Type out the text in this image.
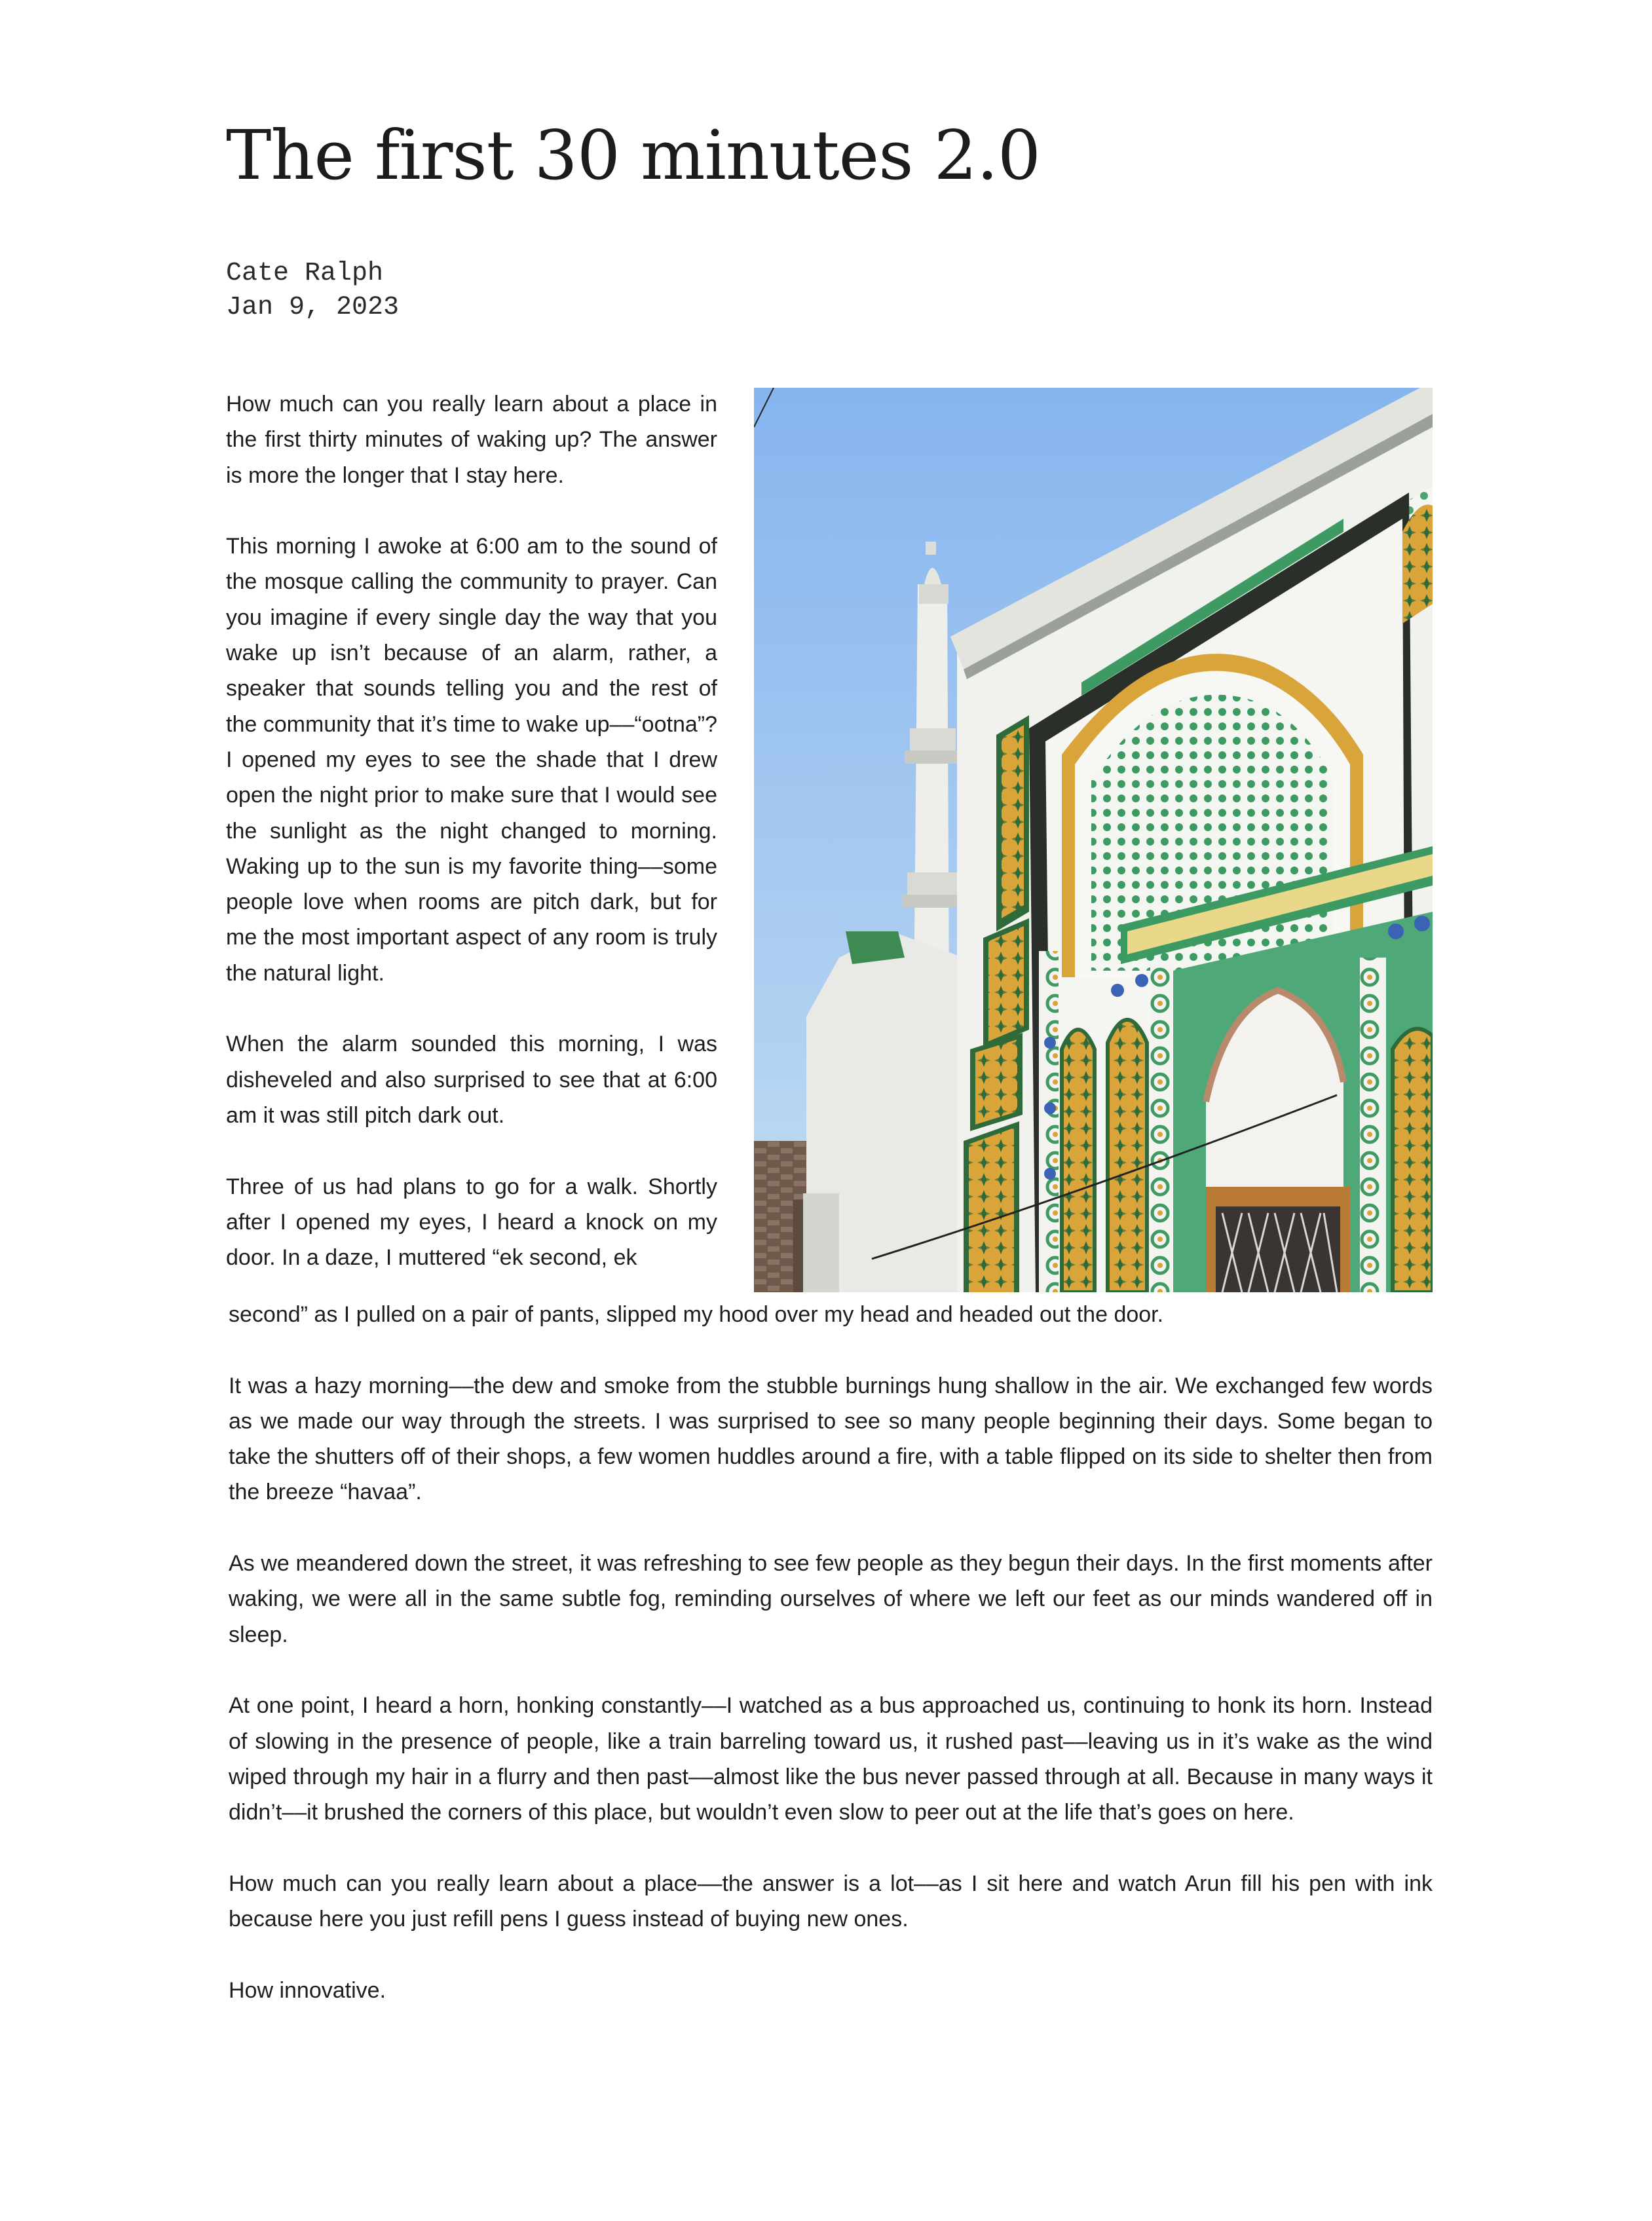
The first 30 minutes 2.0
Cate Ralph
Jan 9, 2023

How much can you really learn about a place in the first thirty minutes of waking up? The answer is more the longer that I stay here.

This morning I awoke at 6:00 am to the sound of the mosque calling the community to prayer. Can you imagine if every single day the way that you wake up isn’t because of an alarm, rather, a speaker that sounds telling you and the rest of the community that it’s time to wake up––“ootna”? I opened my eyes to see the shade that I drew open the night prior to make sure that I would see the sunlight as the night changed to morning. Waking up to the sun is my favorite thing––some people love when rooms are pitch dark, but for me the most important aspect of any room is truly the natural light.

When the alarm sounded this morning, I was disheveled and also surprised to see that at 6:00 am it was still pitch dark out.

Three of us had plans to go for a walk. Shortly after I opened my eyes, I heard a knock on my door. In a daze, I muttered “ek second, ek

second” as I pulled on a pair of pants, slipped my hood over my head and headed out the door.

It was a hazy morning––the dew and smoke from the stubble burnings hung shallow in the air. We exchanged few words as we made our way through the streets. I was surprised to see so many people beginning their days. Some began to take the shutters off of their shops, a few women huddles around a fire, with a table flipped on its side to shelter then from the breeze “havaa”.

As we meandered down the street, it was refreshing to see few people as they begun their days. In the first moments after waking, we were all in the same subtle fog, reminding ourselves of where we left our feet as our minds wandered off in sleep.

At one point, I heard a horn, honking constantly––I watched as a bus approached us, continuing to honk its horn. Instead of slowing in the presence of people, like a train barreling toward us, it rushed past––leaving us in it’s wake as the wind wiped through my hair in a flurry and then past––almost like the bus never passed through at all. Because in many ways it didn’t––it brushed the corners of this place, but wouldn’t even slow to peer out at the life that’s goes on here.

How much can you really learn about a place––the answer is a lot––as I sit here and watch Arun fill his pen with ink because here you just refill pens I guess instead of buying new ones.

How innovative.
